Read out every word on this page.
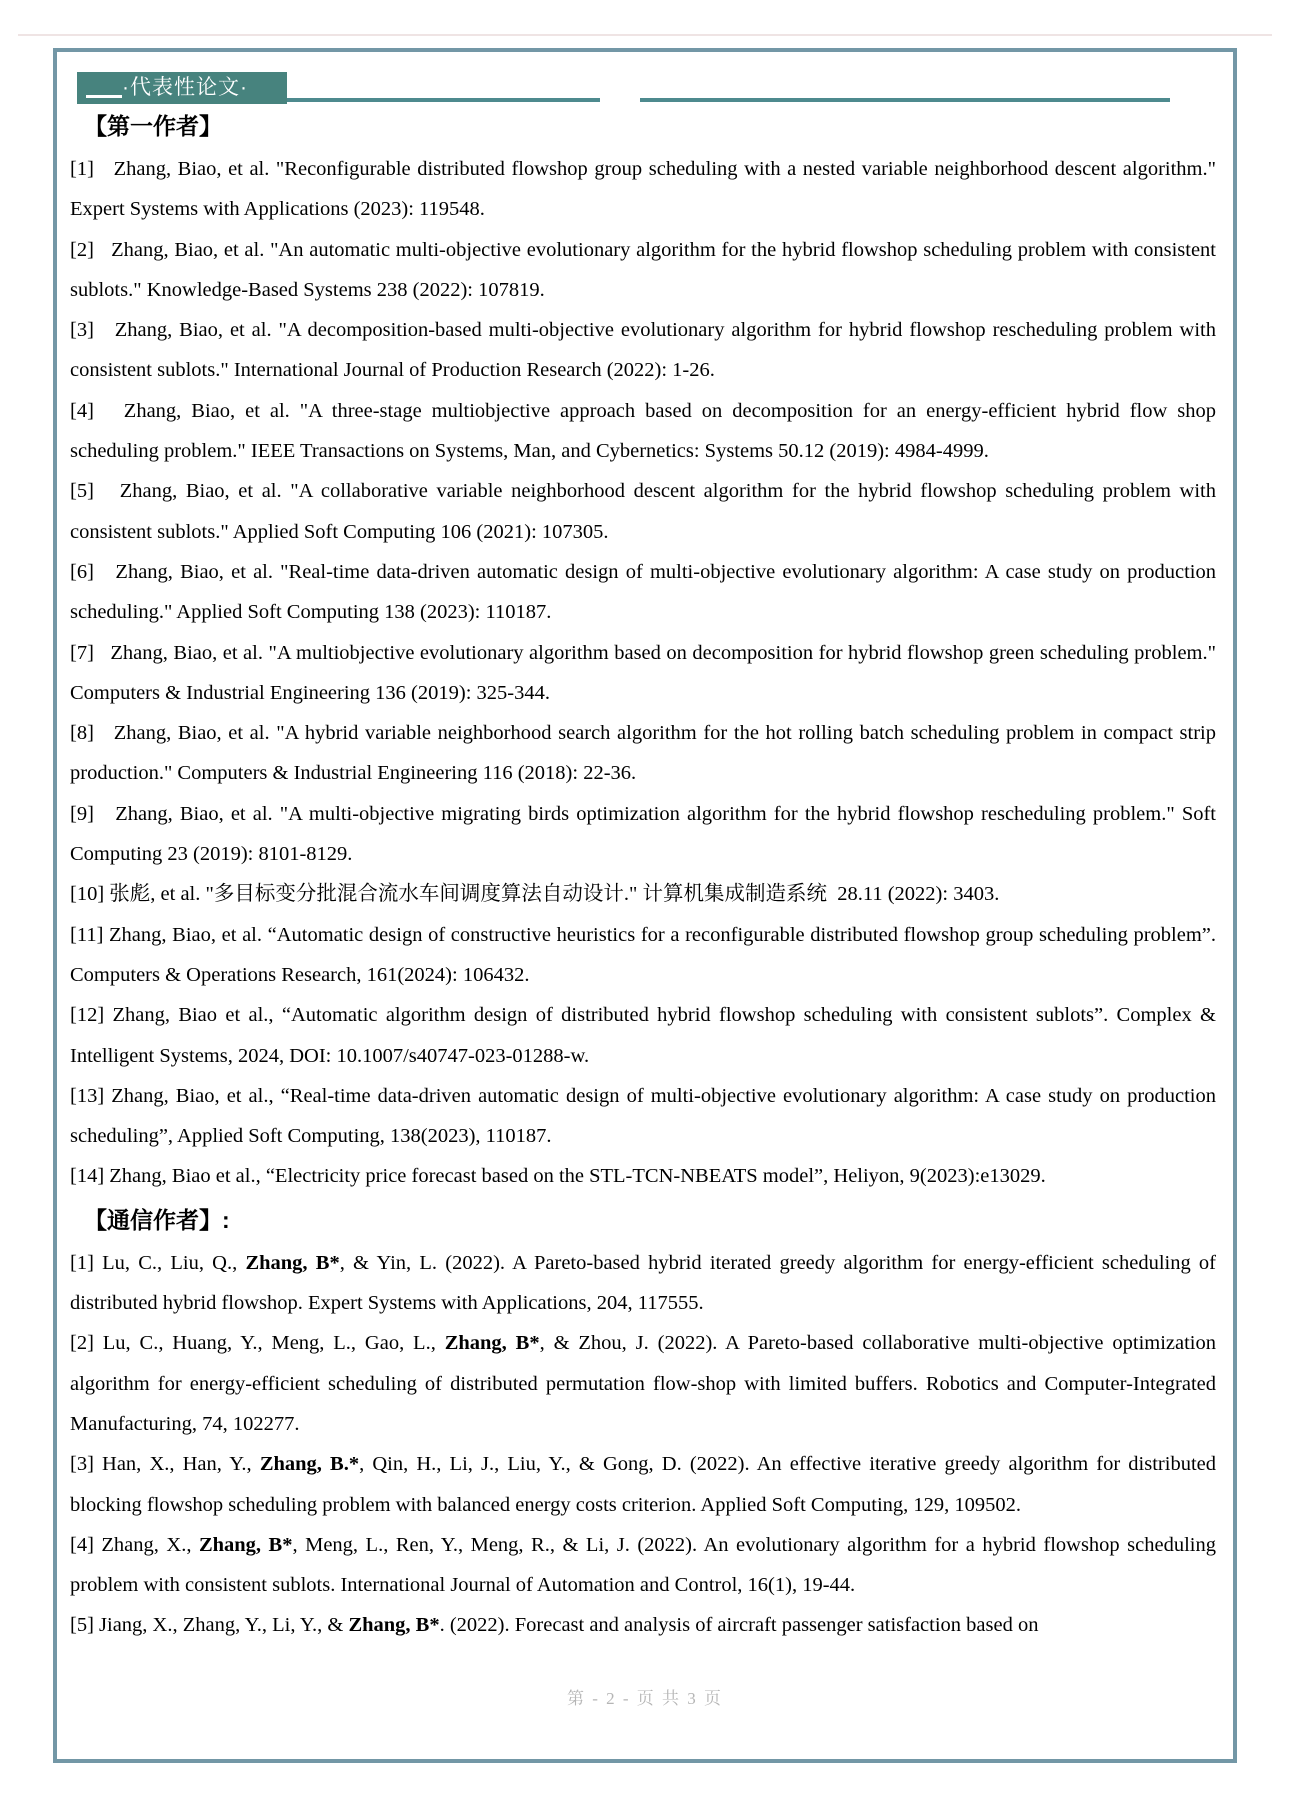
·代表性论文·
【第一作者】

[1]   Zhang, Biao, et al. "Reconfigurable distributed flowshop group scheduling with a nested variable neighborhood descent algorithm." Expert Systems with Applications (2023): 119548.

[2]   Zhang, Biao, et al. "An automatic multi-objective evolutionary algorithm for the hybrid flowshop scheduling problem with consistent sublots." Knowledge-Based Systems 238 (2022): 107819.

[3]   Zhang, Biao, et al. "A decomposition-based multi-objective evolutionary algorithm for hybrid flowshop rescheduling problem with consistent sublots." International Journal of Production Research (2022): 1-26.

[4]   Zhang, Biao, et al. "A three-stage multiobjective approach based on decomposition for an energy-efficient hybrid flow shop scheduling problem." IEEE Transactions on Systems, Man, and Cybernetics: Systems 50.12 (2019): 4984-4999.

[5]   Zhang, Biao, et al. "A collaborative variable neighborhood descent algorithm for the hybrid flowshop scheduling problem with consistent sublots." Applied Soft Computing 106 (2021): 107305.

[6]   Zhang, Biao, et al. "Real-time data-driven automatic design of multi-objective evolutionary algorithm: A case study on production scheduling." Applied Soft Computing 138 (2023): 110187.

[7]   Zhang, Biao, et al. "A multiobjective evolutionary algorithm based on decomposition for hybrid flowshop green scheduling problem." Computers & Industrial Engineering 136 (2019): 325-344.

[8]   Zhang, Biao, et al. "A hybrid variable neighborhood search algorithm for the hot rolling batch scheduling problem in compact strip production." Computers & Industrial Engineering 116 (2018): 22-36.

[9]   Zhang, Biao, et al. "A multi-objective migrating birds optimization algorithm for the hybrid flowshop rescheduling problem." Soft Computing 23 (2019): 8101-8129.

[10] 张彪, et al. "多目标变分批混合流水车间调度算法自动设计." 计算机集成制造系统  28.11 (2022): 3403.

[11] Zhang, Biao, et al. “Automatic design of constructive heuristics for a reconfigurable distributed flowshop group scheduling problem”. Computers & Operations Research, 161(2024): 106432.

[12] Zhang, Biao et al., “Automatic algorithm design of distributed hybrid flowshop scheduling with consistent sublots”. Complex & Intelligent Systems, 2024, DOI: 10.1007/s40747-023-01288-w.

[13] Zhang, Biao, et al., “Real-time data-driven automatic design of multi-objective evolutionary algorithm: A case study on production scheduling”, Applied Soft Computing, 138(2023), 110187.

[14] Zhang, Biao et al., “Electricity price forecast based on the STL-TCN-NBEATS model”, Heliyon, 9(2023):e13029.

【通信作者】:

[1] Lu, C., Liu, Q., Zhang, B*, & Yin, L. (2022). A Pareto-based hybrid iterated greedy algorithm for energy-efficient scheduling of distributed hybrid flowshop. Expert Systems with Applications, 204, 117555.

[2] Lu, C., Huang, Y., Meng, L., Gao, L., Zhang, B*, & Zhou, J. (2022). A Pareto-based collaborative multi-objective optimization algorithm for energy-efficient scheduling of distributed permutation flow-shop with limited buffers. Robotics and Computer-Integrated Manufacturing, 74, 102277.

[3] Han, X., Han, Y., Zhang, B.*, Qin, H., Li, J., Liu, Y., & Gong, D. (2022). An effective iterative greedy algorithm for distributed blocking flowshop scheduling problem with balanced energy costs criterion. Applied Soft Computing, 129, 109502.

[4] Zhang, X., Zhang, B*, Meng, L., Ren, Y., Meng, R., & Li, J. (2022). An evolutionary algorithm for a hybrid flowshop scheduling problem with consistent sublots. International Journal of Automation and Control, 16(1), 19-44.

[5] Jiang, X., Zhang, Y., Li, Y., & Zhang, B*. (2022). Forecast and analysis of aircraft passenger satisfaction based on

第 - 2 - 页 共 3 页
